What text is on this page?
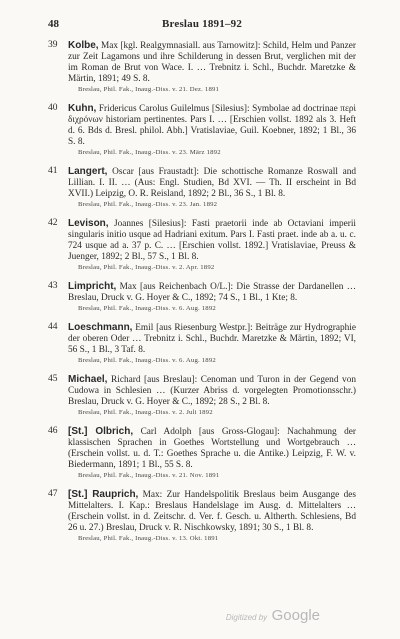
48	Breslau 1891–92
39	Kolbe, Max [kgl. Realgymnasiall. aus Tarnowitz]: Schild, Helm und Panzer zur Zeit Lagamons und ihre Schilderung in dessen Brut, verglichen mit der im Roman de Brut von Wace. I. … Trebnitz i. Schl., Buchdr. Maretzke & Märtin, 1891; 49 S. 8.
Breslau, Phil. Fak., Inaug.-Diss. v. 21. Dez. 1891
40	Kuhn, Fridericus Carolus Guilelmus [Silesius]: Symbolae ad doctrinae περὶ διχρόνων historiam pertinentes. Pars I. … [Erschien vollst. 1892 als 3. Heft d. 6. Bds d. Bresl. philol. Abh.] Vratislaviae, Guil. Koebner, 1892; 1 Bl., 36 S. 8.
Breslau, Phil. Fak., Inaug.-Diss. v. 23. März 1892
41	Langert, Oscar [aus Fraustadt]: Die schottische Romanze Roswall and Lillian. I. II. … (Aus: Engl. Studien, Bd XVI. — Th. II erscheint in Bd XVII.) Leipzig, O. R. Reisland, 1892; 2 Bl., 36 S., 1 Bl. 8.
Breslau, Phil. Fak., Inaug.-Diss. v. 23. Jan. 1892
42	Levison, Joannes [Silesius]: Fasti praetorii inde ab Octaviani imperii singularis initio usque ad Hadriani exitum. Pars I. Fasti praet. inde ab a. u. c. 724 usque ad a. 37 p. C. … [Erschien vollst. 1892.] Vratislaviae, Preuss & Juenger, 1892; 2 Bl., 57 S., 1 Bl. 8.
Breslau, Phil. Fak., Inaug.-Diss. v. 2. Apr. 1892
43	Limpricht, Max [aus Reichenbach O/L.]: Die Strasse der Dardanellen … Breslau, Druck v. G. Hoyer & C., 1892; 74 S., 1 Bl., 1 Kte; 8.
Breslau, Phil. Fak., Inaug.-Diss. v. 6. Aug. 1892
44	Loeschmann, Emil [aus Riesenburg Westpr.]: Beiträge zur Hydrographie der oberen Oder … Trebnitz i. Schl., Buchdr. Maretzke & Märtin, 1892; VI, 56 S., 1 Bl., 3 Taf. 8.
Breslau, Phil. Fak., Inaug.-Diss. v. 6. Aug. 1892
45	Michael, Richard [aus Breslau]: Cenoman und Turon in der Gegend von Cudowa in Schlesien … (Kurzer Abriss d. vorgelegten Promotionsschr.) Breslau, Druck v. G. Hoyer & C., 1892; 28 S., 2 Bl. 8.
Breslau, Phil. Fak., Inaug.-Diss. v. 2. Juli 1892
46	[St.] Olbrich, Carl Adolph [aus Gross-Glogau]: Nachahmung der klassischen Sprachen in Goethes Wortstellung und Wortgebrauch … (Erschein vollst. u. d. T.: Goethes Sprache u. die Antike.) Leipzig, F. W. v. Biedermann, 1891; 1 Bl., 55 S. 8.
Breslau, Phil. Fak., Inaug.-Diss. v. 21. Nov. 1891
47	[St.] Rauprich, Max: Zur Handelspolitik Breslaus beim Ausgange des Mittelalters. I. Kap.: Breslaus Handelslage im Ausg. d. Mittelalters … (Erschein vollst. in d. Zeitschr. d. Ver. f. Gesch. u. Altherth. Schlesiens, Bd 26 u. 27.) Breslau, Druck v. R. Nischkowsky, 1891; 30 S., 1 Bl. 8.
Breslau, Phil. Fak., Inaug.-Diss. v. 13. Okt. 1891
Digitized by Google
